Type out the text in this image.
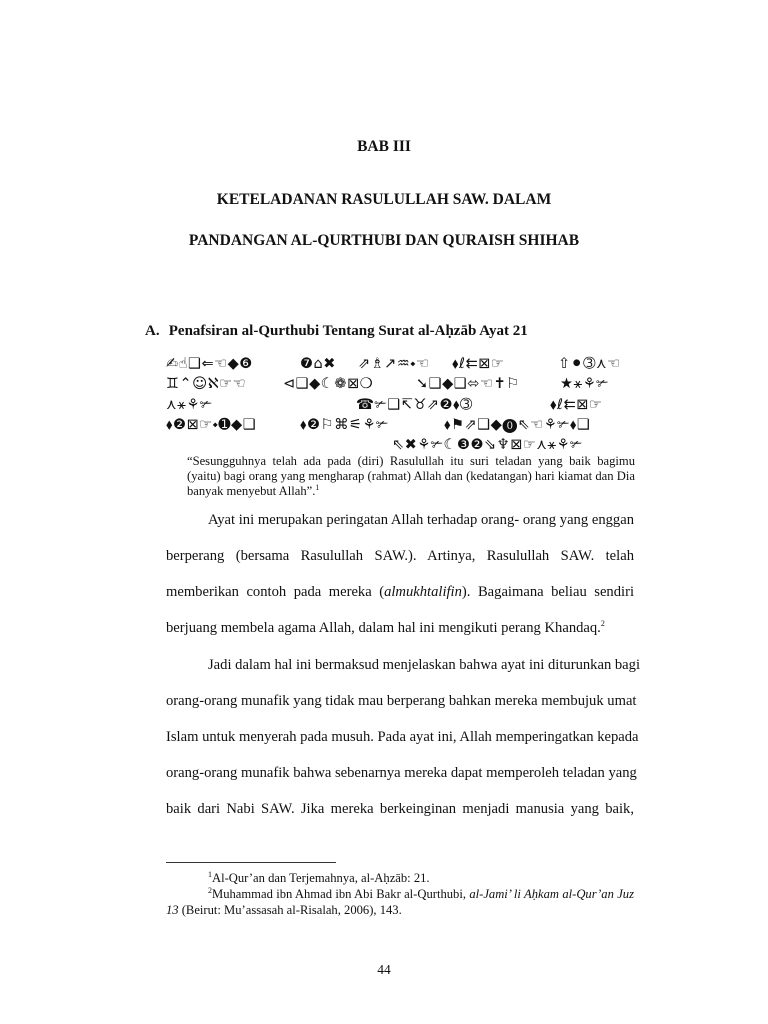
BAB III
KETELADANAN RASULULLAH SAW. DALAM
PANDANGAN AL-QURTHUBI DAN QURAISH SHIHAB
A. Penafsiran al-Qurthubi Tentang Surat al-Aḥzāb Ayat 21
✍☝❑⇐☜◆❻	❼⌂✖ ⇗♗↗♒⬩☜ ⬧ℓ⇇⊠☞	⇧⚫➂⋏☜
♊⌃☺ℵ☞☜	⊲❑◆☾❁⊠❍	➘❑◆❑⬄☜✝⚐	★⚹⚘✃
⋏⚹⚘✃	☎✃❑↸♉⇗❷⬧➂	⬧ℓ⇇⊠☞
⬧❷⊠☞⬩➊◆❑	⬧❷⚐⌘⚟⚘✃	⬧⚑⇗❑◆⓿⇖☜⚘✃⬧❑
⇖✖⚘✃☾❸❷⇘♆⊠☞⋏⚹⚘✃
“Sesungguhnya telah ada pada (diri) Rasulullah itu suri teladan yang baik bagimu (yaitu) bagi orang yang mengharap (rahmat) Allah dan (kedatangan) hari kiamat dan Dia banyak menyebut Allah”.$^1$
Ayat ini merupakan peringatan Allah terhadap orang- orang yang enggan
berperang (bersama Rasulullah SAW.). Artinya, Rasulullah SAW. telah
memberikan contoh pada mereka (almukhtalifin). Bagaimana beliau sendiri
berjuang membela agama Allah, dalam hal ini mengikuti perang Khandaq.$^2$
Jadi dalam hal ini bermaksud menjelaskan bahwa ayat ini diturunkan bagi
orang-orang munafik yang tidak mau berperang bahkan mereka membujuk umat
Islam untuk menyerah pada musuh. Pada ayat ini, Allah memperingatkan kepada
orang-orang munafik bahwa sebenarnya mereka dapat memperoleh teladan yang
baik dari Nabi SAW. Jika mereka berkeinginan menjadi manusia yang baik,
$^1$Al-Qur’an dan Terjemahnya, al-Aḥzāb: 21.
$^2$Muhammad ibn Ahmad ibn Abi Bakr al-Qurthubi, al-Jami’ li Aḥkam al-Qur’an Juz 13 (Beirut: Mu’assasah al-Risalah, 2006), 143.
44
